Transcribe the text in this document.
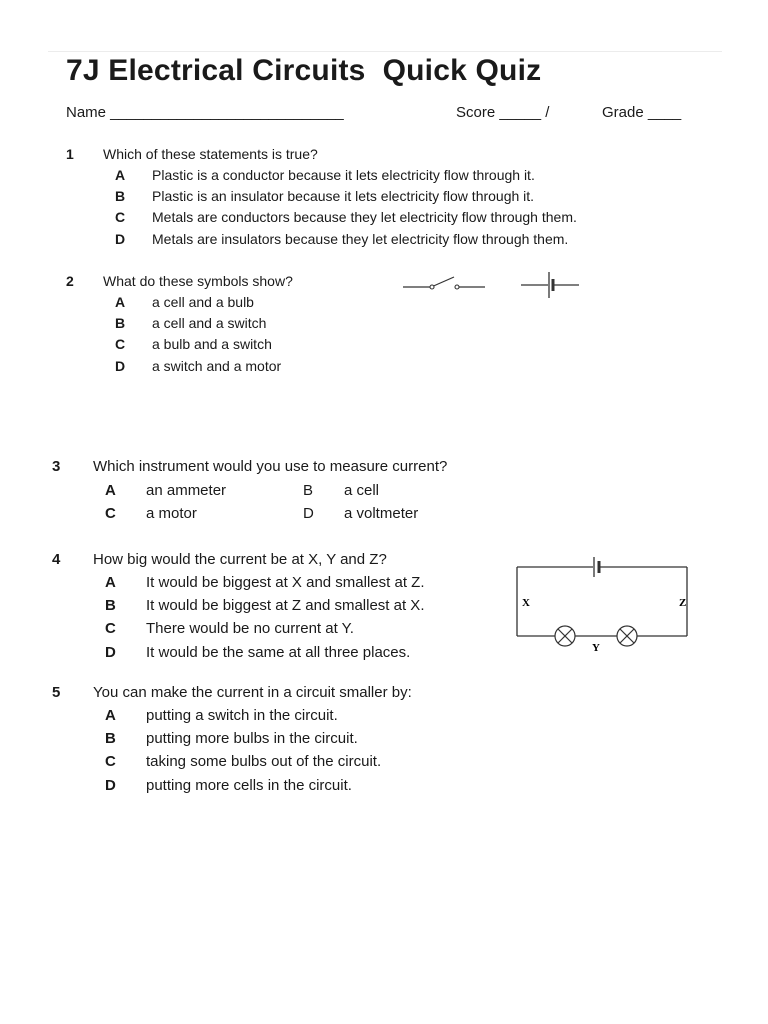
7J Electrical Circuits  Quick Quiz
Name ____________________________	Score _____ /	Grade ____
1 Which of these statements is true?
A Plastic is a conductor because it lets electricity flow through it.
B Plastic is an insulator because it lets electricity flow through it.
C Metals are conductors because they let electricity flow through them.
D Metals are insulators because they let electricity flow through them.
2 What do these symbols show?
A a cell and a bulb
B a cell and a switch
C a bulb and a switch
D a switch and a motor
3 Which instrument would you use to measure current?
A an ammeter	B a cell
C a motor	D a voltmeter
4 How big would the current be at X, Y and Z?
A It would be biggest at X and smallest at Z.
B It would be biggest at Z and smallest at X.
C There would be no current at Y.
D It would be the same at all three places.
X	Z
Y
5 You can make the current in a circuit smaller by:
A putting a switch in the circuit.
B putting more bulbs in the circuit.
C taking some bulbs out of the circuit.
D putting more cells in the circuit.
